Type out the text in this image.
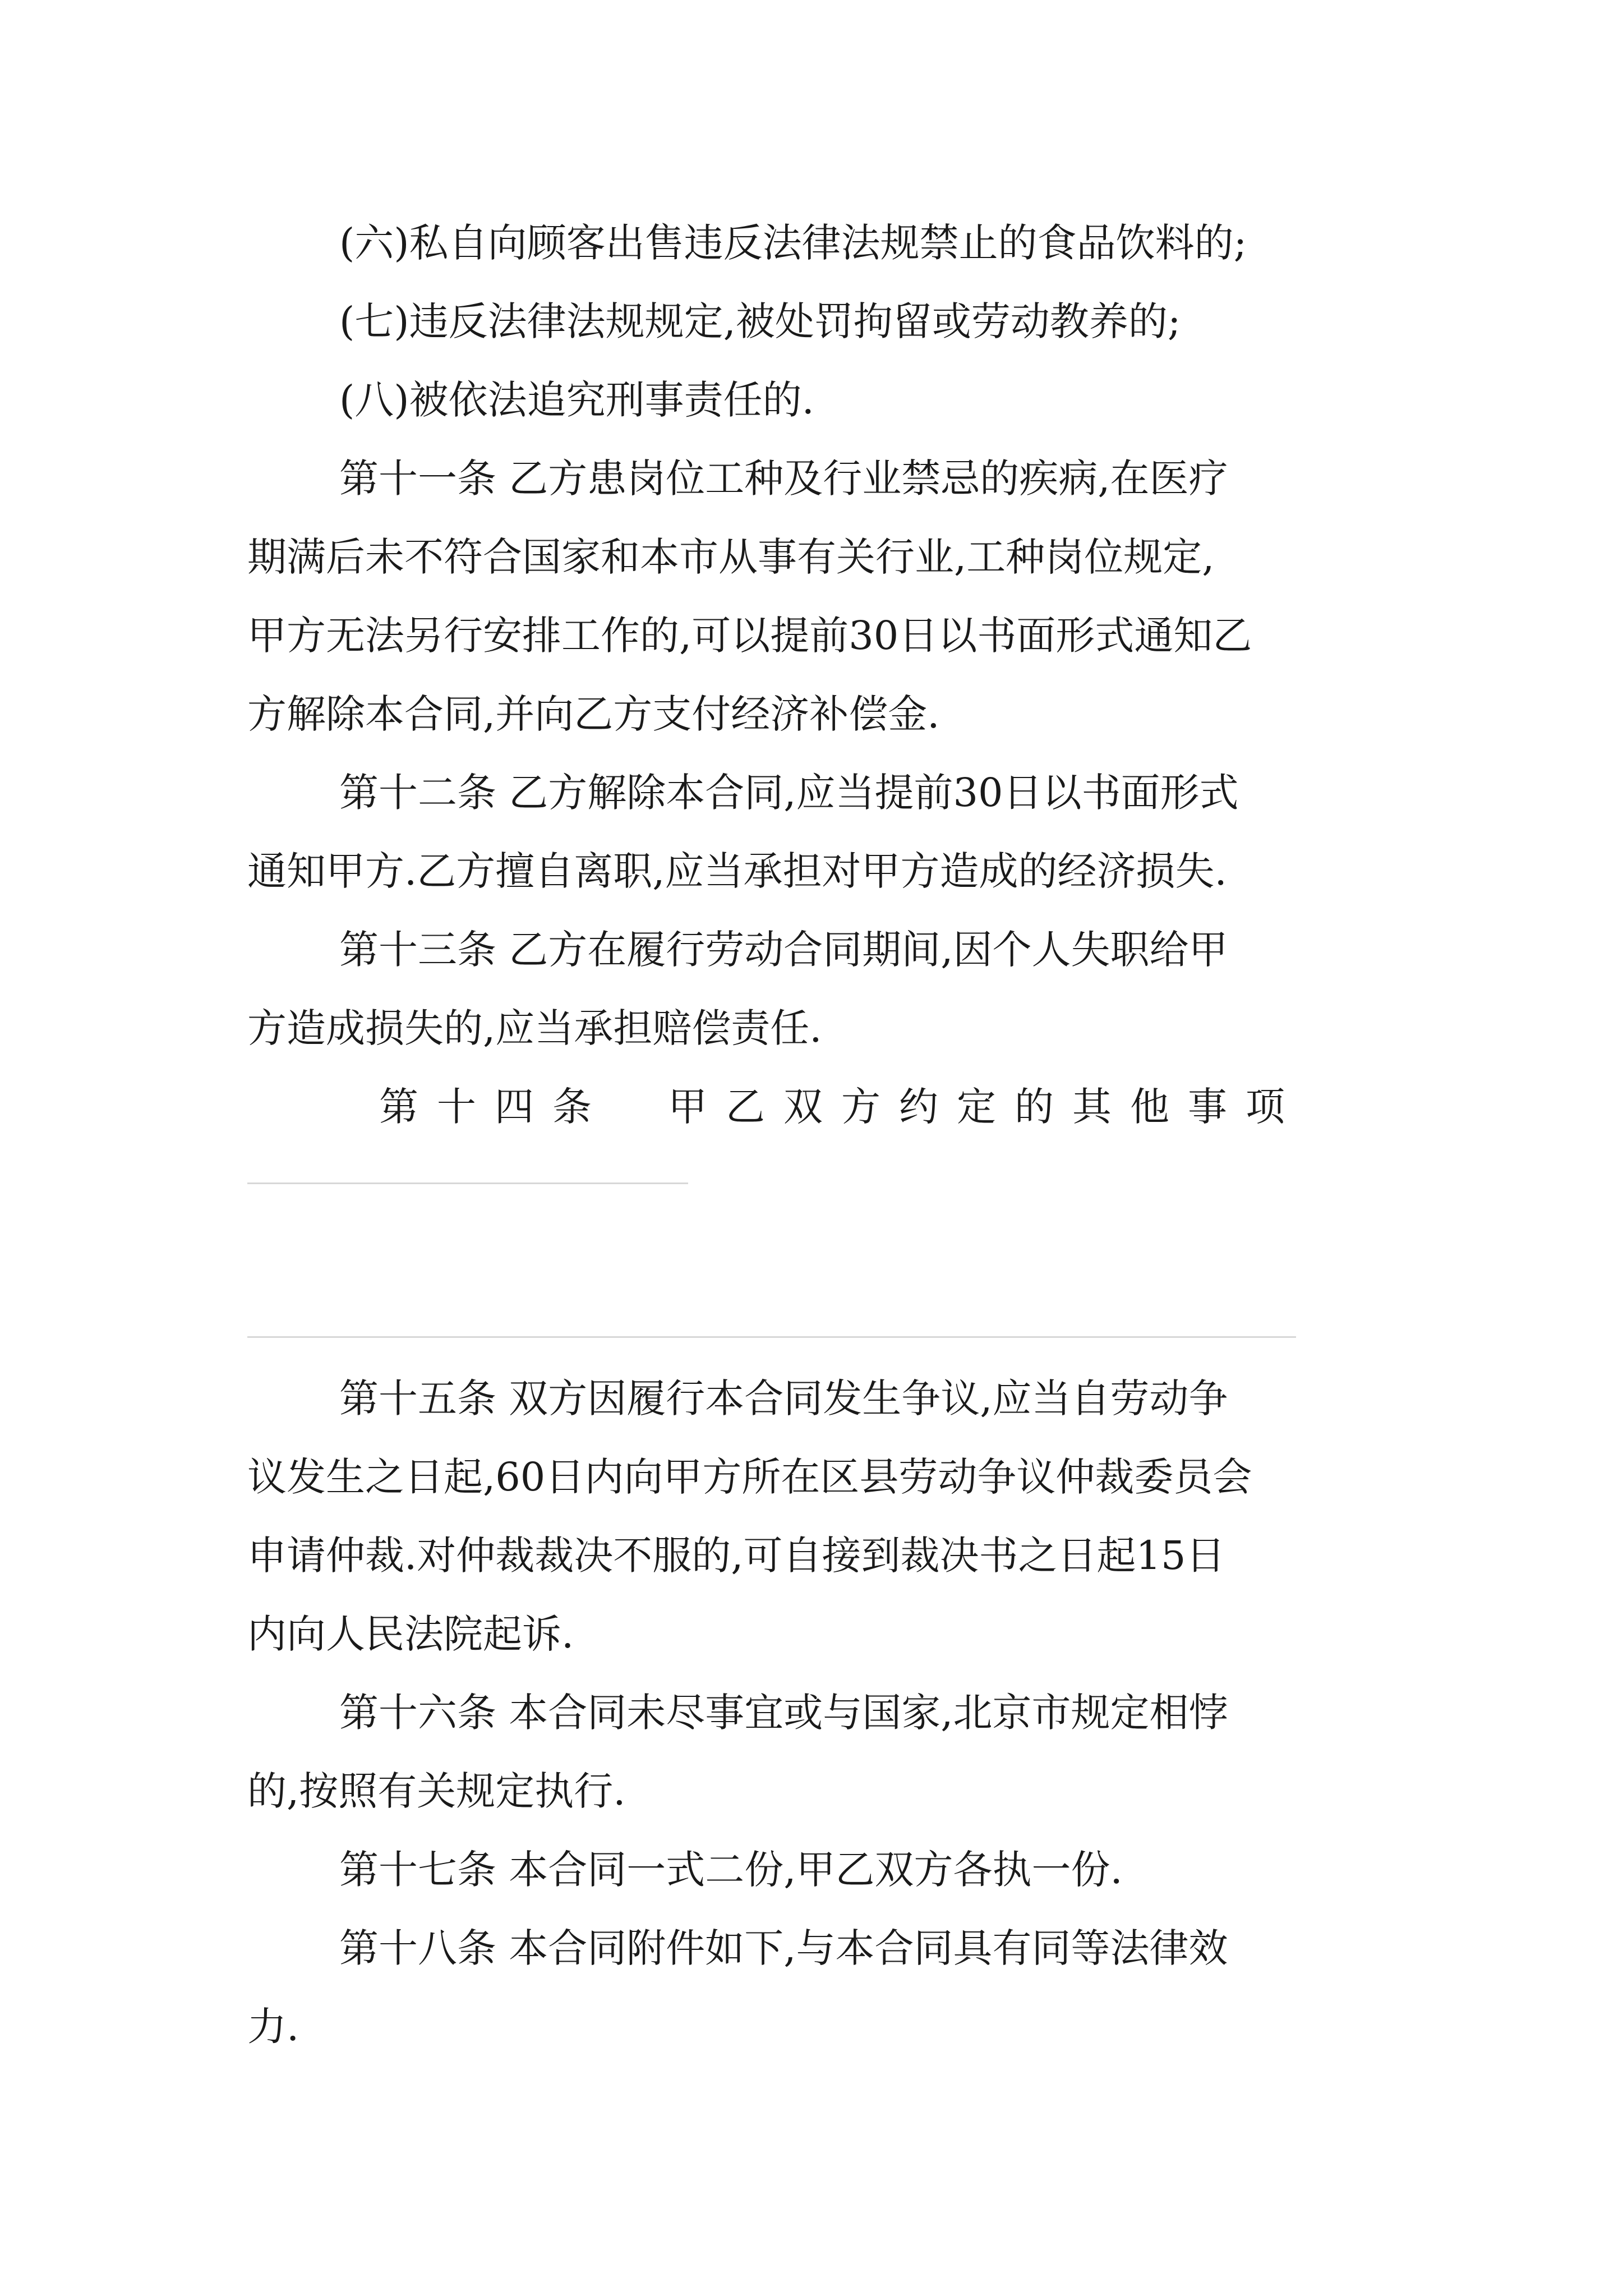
(六)私自向顾客出售违反法律法规禁止的食品饮料的;
(七)违反法律法规规定,被处罚拘留或劳动教养的;
(八)被依法追究刑事责任的.
第十一条 乙方患岗位工种及行业禁忌的疾病,在医疗
期满后未不符合国家和本市从事有关行业,工种岗位规定,
甲方无法另行安排工作的,可以提前30日以书面形式通知乙
方解除本合同,并向乙方支付经济补偿金.
第十二条 乙方解除本合同,应当提前30日以书面形式
通知甲方.乙方擅自离职,应当承担对甲方造成的经济损失.
第十三条 乙方在履行劳动合同期间,因个人失职给甲
方造成损失的,应当承担赔偿责任.
第十四条　甲乙双方约定的其他事项
第十五条 双方因履行本合同发生争议,应当自劳动争
议发生之日起,60日内向甲方所在区县劳动争议仲裁委员会
申请仲裁.对仲裁裁决不服的,可自接到裁决书之日起15日
内向人民法院起诉.
第十六条 本合同未尽事宜或与国家,北京市规定相悖
的,按照有关规定执行.
第十七条 本合同一式二份,甲乙双方各执一份.
第十八条 本合同附件如下,与本合同具有同等法律效
力.
